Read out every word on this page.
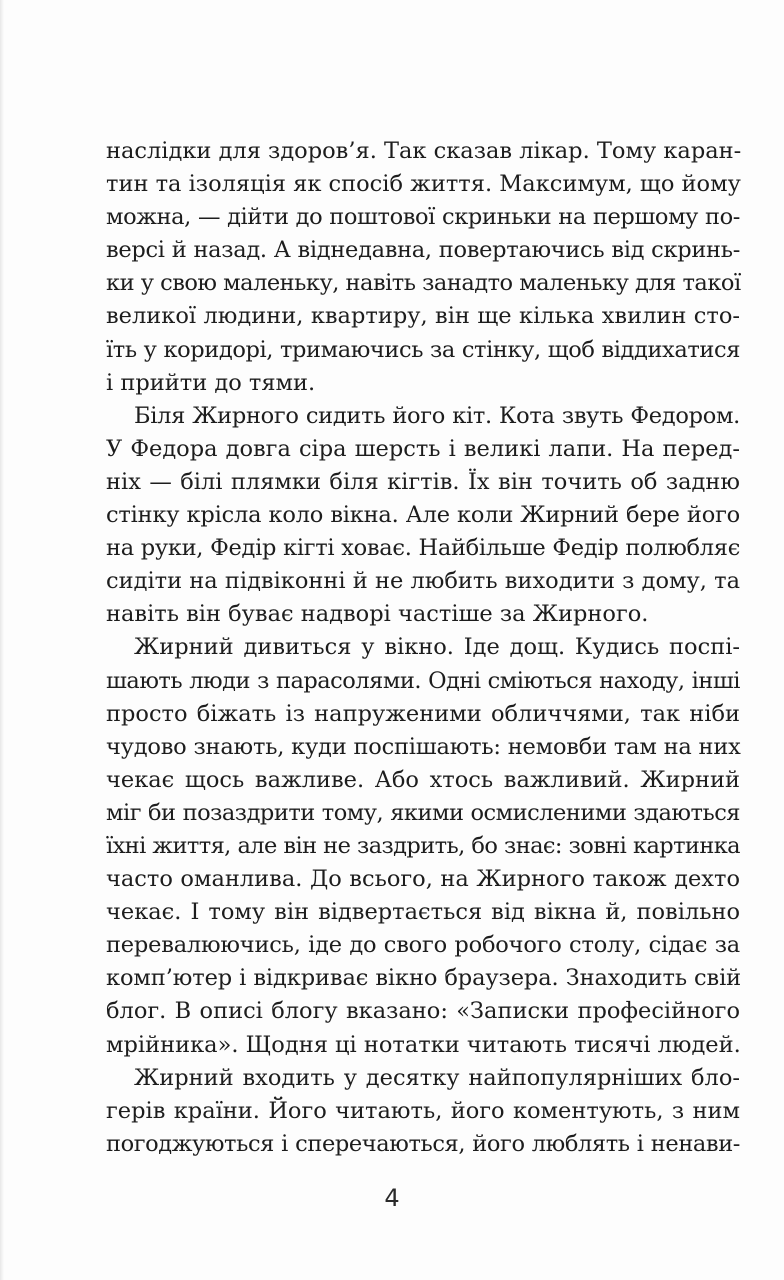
наслідки для здоров’я. Так сказав лікар. Тому каран-
тин та ізоляція як спосіб життя. Максимум, що йому
можна, — дійти до поштової скриньки на першому по-
версі й назад. А віднедавна, повертаючись від скринь-
ки у свою маленьку, навіть занадто маленьку для такої
великої людини, квартиру, він ще кілька хвилин сто-
їть у коридорі, тримаючись за стінку, щоб віддихатися
і прийти до тями.
Біля Жирного сидить його кіт. Кота звуть Федором.
У Федора довга сіра шерсть і великі лапи. На перед-
ніх — білі плямки біля кігтів. Їх він точить об задню
стінку крісла коло вікна. Але коли Жирний бере його
на руки, Федір кігті ховає. Найбільше Федір полюбляє
сидіти на підвіконні й не любить виходити з дому, та
навіть він буває надворі частіше за Жирного.
Жирний дивиться у вікно. Іде дощ. Кудись поспі-
шають люди з парасолями. Одні сміються находу, інші
просто біжать із напруженими обличчями, так ніби
чудово знають, куди поспішають: немовби там на них
чекає щось важливе. Або хтось важливий. Жирний
міг би позаздрити тому, якими осмисленими здаються
їхні життя, але він не заздрить, бо знає: зовні картинка
часто оманлива. До всього, на Жирного також дехто
чекає. І тому він відвертається від вікна й, повільно
перевалюючись, іде до свого робочого столу, сідає за
комп’ютер і відкриває вікно браузера. Знаходить свій
блог. В описі блогу вказано: «Записки професійного
мрійника». Щодня ці нотатки читають тисячі людей.
Жирний входить у десятку найпопулярніших бло-
герів країни. Його читають, його коментують, з ним
погоджуються і сперечаються, його люблять і ненави-
4
